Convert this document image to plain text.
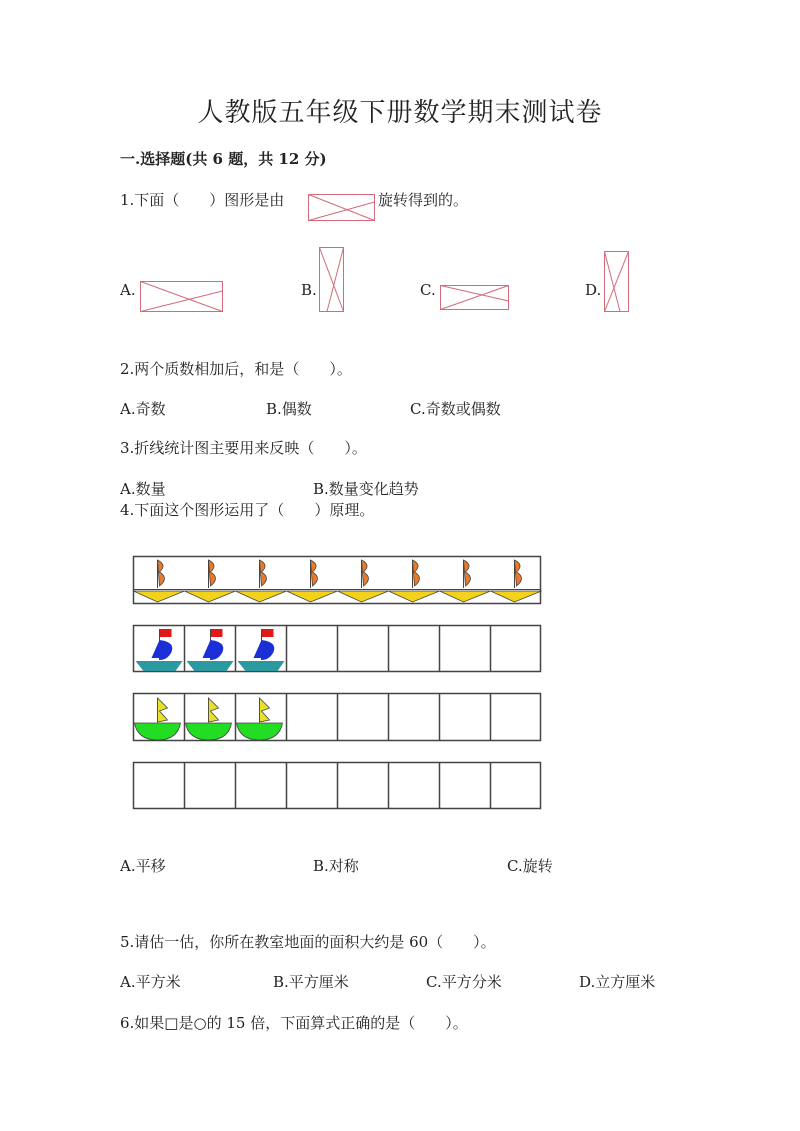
人教版五年级下册数学期末测试卷
一.选择题(共 6 题，共 12 分)
1.下面（　　）图形是由	旋转得到的。
A.	B.	C.	D.
2.两个质数相加后，和是（　　）。
A.奇数	B.偶数	C.奇数或偶数
3.折线统计图主要用来反映（　　）。
A.数量	B.数量变化趋势
4.下面这个图形运用了（　　）原理。
A.平移	B.对称	C.旋转
5.请估一估，你所在教室地面的面积大约是 60（　　）。
A.平方米	B.平方厘米	C.平方分米	D.立方厘米
6.如果□是○的 15 倍，下面算式正确的是（　　）。
